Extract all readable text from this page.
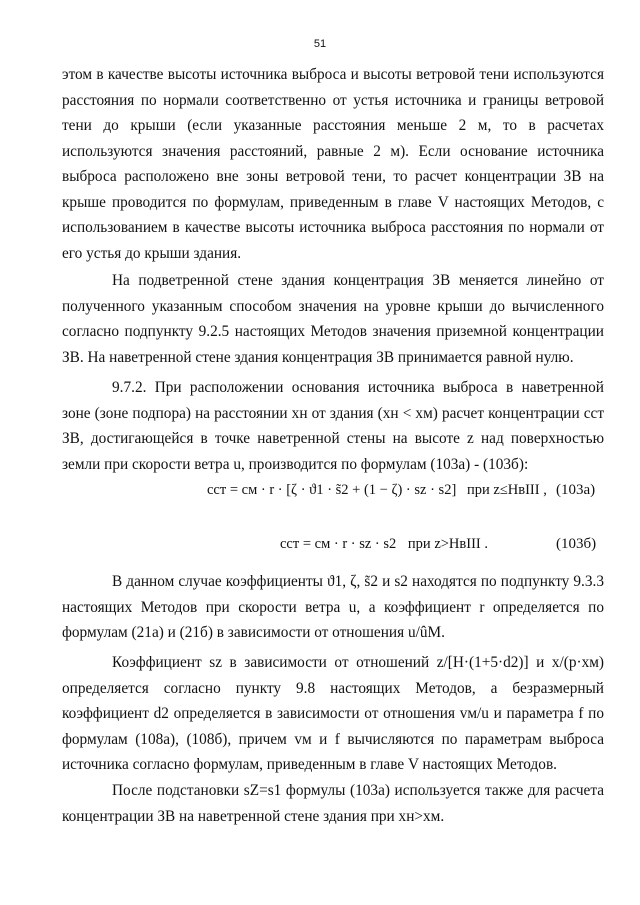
51

этом в качестве высоты источника выброса и высоты ветровой тени используются расстояния по нормали соответственно от устья источника и границы ветровой тени до крыши (если указанные расстояния меньше 2 м, то в расчетах используются значения расстояний, равные 2 м). Если основание источника выброса расположено вне зоны ветровой тени, то расчет концентрации ЗВ на крыше проводится по формулам, приведенным в главе V настоящих Методов, с использованием в качестве высоты источника выброса расстояния по нормали от его устья до крыши здания.

На подветренной стене здания концентрация ЗВ меняется линейно от полученного указанным способом значения на уровне крыши до вычисленного согласно подпункту 9.2.5 настоящих Методов значения приземной концентрации ЗВ. На наветренной стене здания концентрация ЗВ принимается равной нулю.

9.7.2. При расположении основания источника выброса в наветренной зоне (зоне подпора) на расстоянии xн от здания (xн < xм) расчет концентрации cст ЗВ, достигающейся в точке наветренной стены на высоте z над поверхностью земли при скорости ветра u, производится по формулам (103а) - (103б):

cст = cм · r · [ζ · ϑ1 · s̃2 + (1 − ζ) · sz · s2] при z≤HвIII , (103а)
cст = cм · r · sz · s2 при z>HвIII .	(103б)

В данном случае коэффициенты ϑ1, ζ, s̃2 и s2 находятся по подпункту 9.3.3 настоящих Методов при скорости ветра u, а коэффициент r определяется по формулам (21а) и (21б) в зависимости от отношения u/ûМ.

Коэффициент sz в зависимости от отношений z/[H·(1+5·d2)] и x/(p·xм) определяется согласно пункту 9.8 настоящих Методов, а безразмерный коэффициент d2 определяется в зависимости от отношения vм/u и параметра f по формулам (108а), (108б), причем vм и f вычисляются по параметрам выброса источника согласно формулам, приведенным в главе V настоящих Методов.

После подстановки sZ=s1 формулы (103а) используется также для расчета концентрации ЗВ на наветренной стене здания при xн>xм.
